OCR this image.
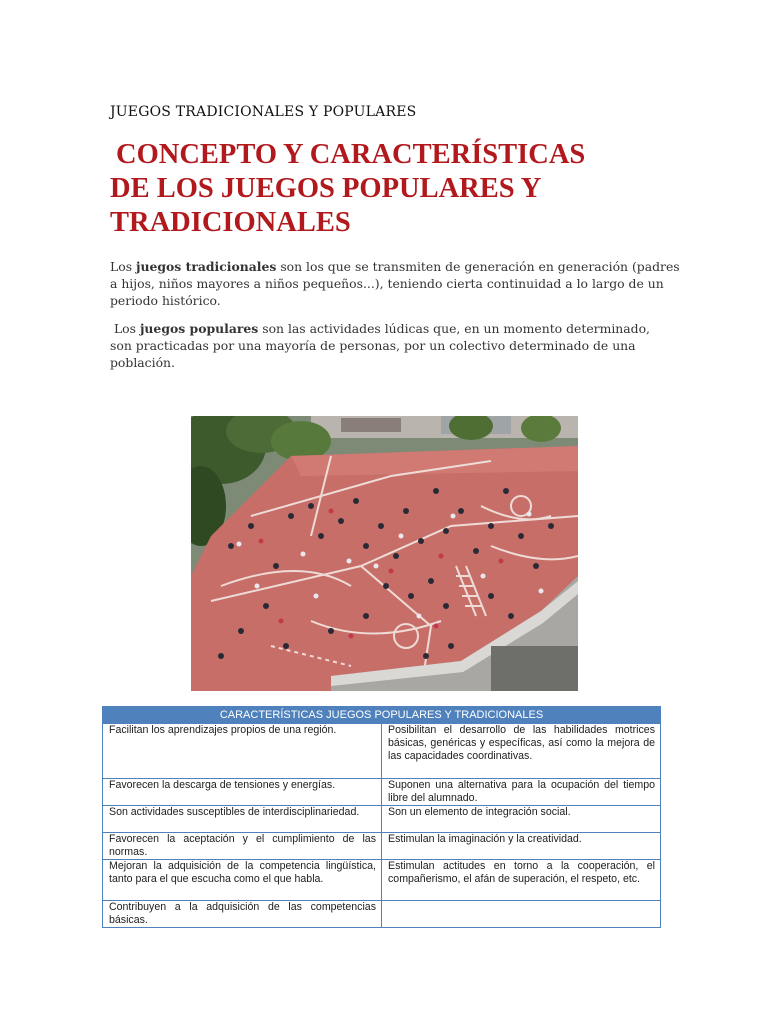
JUEGOS TRADICIONALES Y POPULARES
CONCEPTO Y CARACTERÍSTICAS
DE LOS JUEGOS POPULARES Y
TRADICIONALES
Los juegos tradicionales son los que se transmiten de generación en generación (padres
a hijos, niños mayores a niños pequeños...), teniendo cierta continuidad a lo largo de un
periodo histórico.
Los juegos populares son las actividades lúdicas que, en un momento determinado,
son practicadas por una mayoría de personas, por un colectivo determinado de una
población.
CARACTERÍSTICAS JUEGOS POPULARES Y TRADICIONALES	
Facilitan los aprendizajes propios de una región.	Posibilitan el desarrollo de las habilidades motrices básicas, genéricas y específicas, así como la mejora de las capacidades coordinativas.
Favorecen la descarga de tensiones y energías.	Suponen una alternativa para la ocupación del tiempo libre del alumnado.
Son actividades susceptibles de interdisciplinariedad.	Son un elemento de integración social.
Favorecen la aceptación y el cumplimiento de las normas.	Estimulan la imaginación y la creatividad.
Mejoran la adquisición de la competencia lingüística, tanto para el que escucha como el que habla.	Estimulan actitudes en torno a la cooperación, el compañerismo, el afán de superación, el respeto, etc.
Contribuyen a la adquisición de las competencias básicas.	
